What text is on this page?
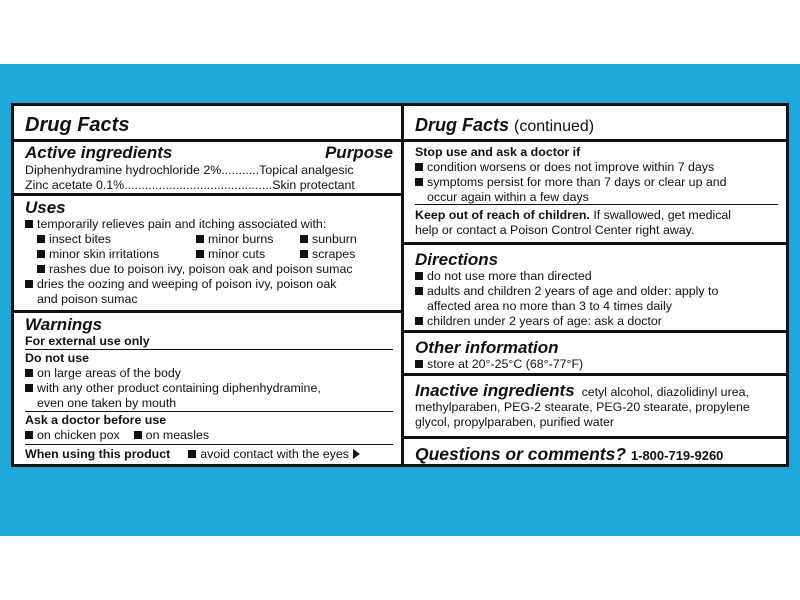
Drug Facts
Active ingredients	Purpose
Diphenhydramine hydrochloride 2%...........Topical analgesic
Zinc acetate 0.1%...........................................Skin protectant
Uses
temporarily relieves pain and itching associated with:
insect bites	minor burns	sunburn
minor skin irritations	minor cuts	scrapes
rashes due to poison ivy, poison oak and poison sumac
dries the oozing and weeping of poison ivy, poison oak
and poison sumac
Warnings
For external use only
Do not use
on large areas of the body
with any other product containing diphenhydramine,
even one taken by mouth
Ask a doctor before use
on chicken pox on measles
When using this product avoid contact with the eyes
Drug Facts (continued)
Stop use and ask a doctor if
condition worsens or does not improve within 7 days
symptoms persist for more than 7 days or clear up and
occur again within a few days
Keep out of reach of children. If swallowed, get medical
help or contact a Poison Control Center right away.
Directions
do not use more than directed
adults and children 2 years of age and older: apply to
affected area no more than 3 to 4 times daily
children under 2 years of age: ask a doctor
Other information
store at 20°-25°C (68°-77°F)
Inactive ingredients cetyl alcohol, diazolidinyl urea,
methylparaben, PEG-2 stearate, PEG-20 stearate, propylene
glycol, propylparaben, purified water
Questions or comments? 1-800-719-9260
